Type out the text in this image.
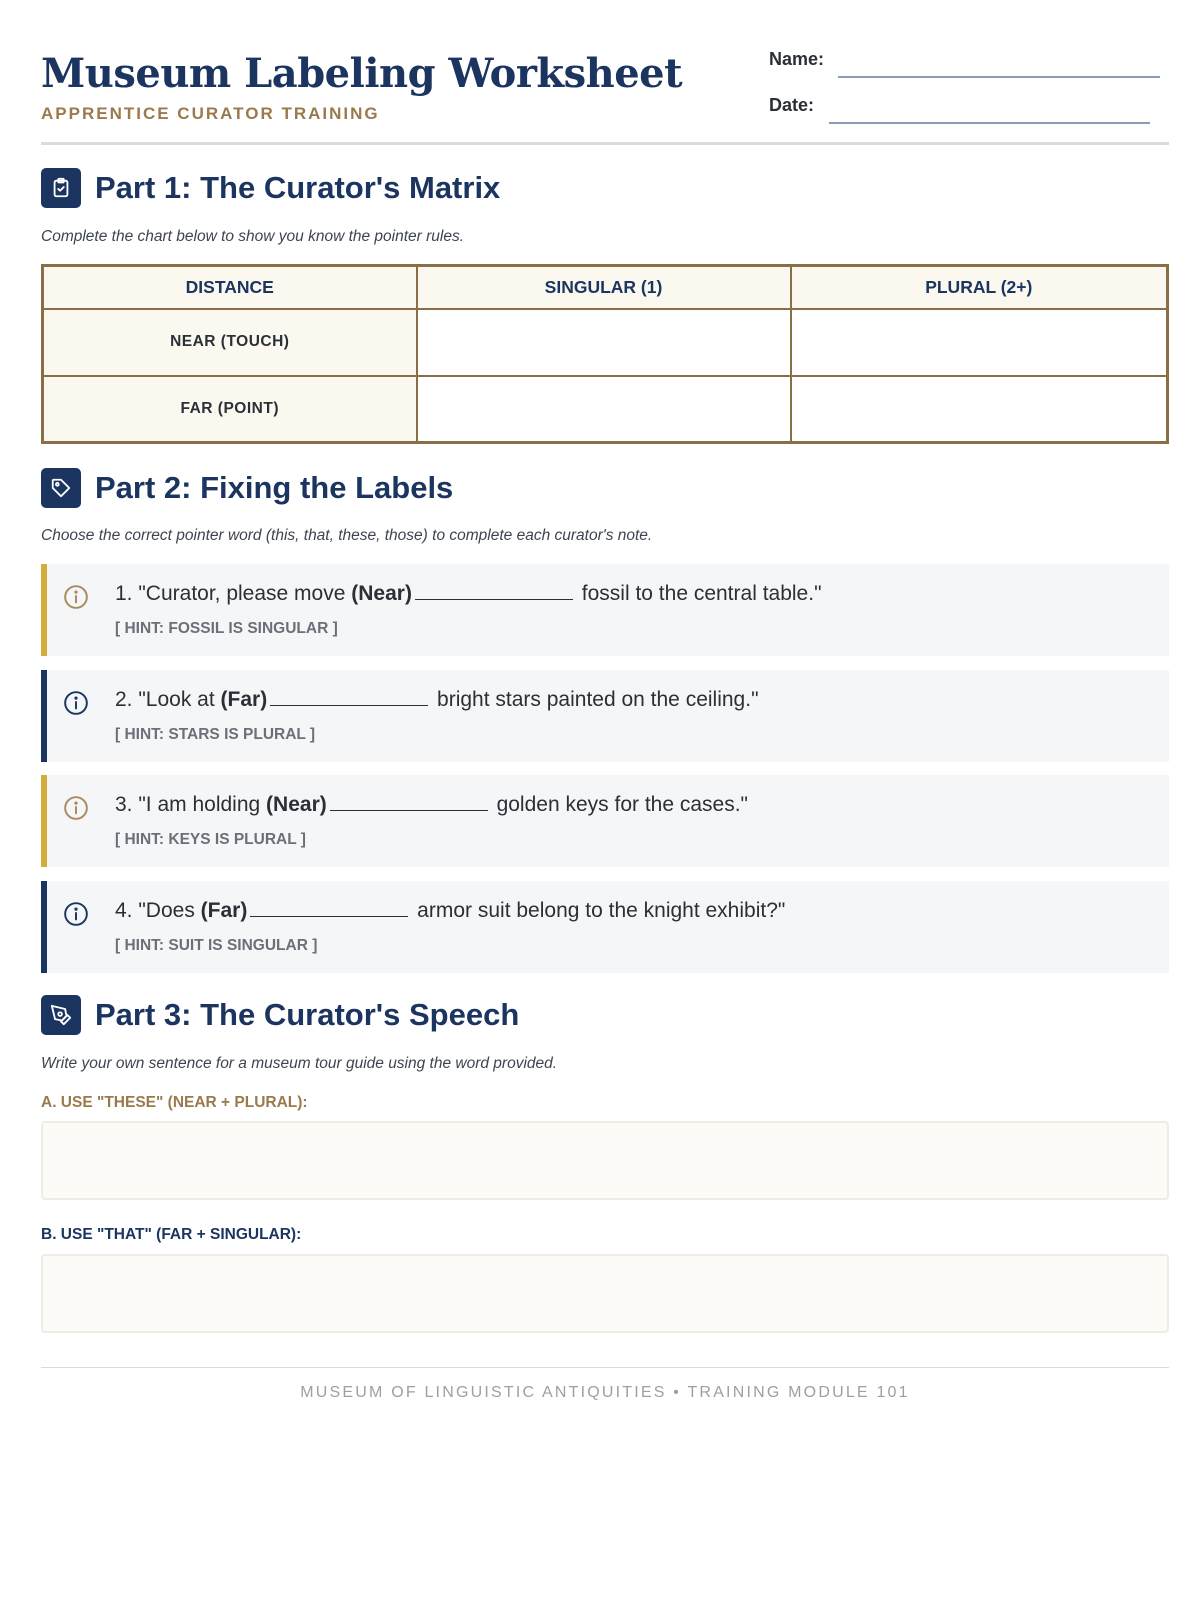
Museum Labeling Worksheet
APPRENTICE CURATOR TRAINING
Name:
Date:
Part 1: The Curator's Matrix
Complete the chart below to show you know the pointer rules.
DISTANCE	SINGULAR (1)	PLURAL (2+)
NEAR (TOUCH)		
FAR (POINT)		
Part 2: Fixing the Labels
Choose the correct pointer word (this, that, these, those) to complete each curator's note.
1. "Curator, please move (Near)	fossil to the central table."
[ HINT: FOSSIL IS SINGULAR ]
2. "Look at (Far)	bright stars painted on the ceiling."
[ HINT: STARS IS PLURAL ]
3. "I am holding (Near)	golden keys for the cases."
[ HINT: KEYS IS PLURAL ]
4. "Does (Far)	armor suit belong to the knight exhibit?"
[ HINT: SUIT IS SINGULAR ]
Part 3: The Curator's Speech
Write your own sentence for a museum tour guide using the word provided.
A. USE "THESE" (NEAR + PLURAL):
B. USE "THAT" (FAR + SINGULAR):
MUSEUM OF LINGUISTIC ANTIQUITIES • TRAINING MODULE 101
